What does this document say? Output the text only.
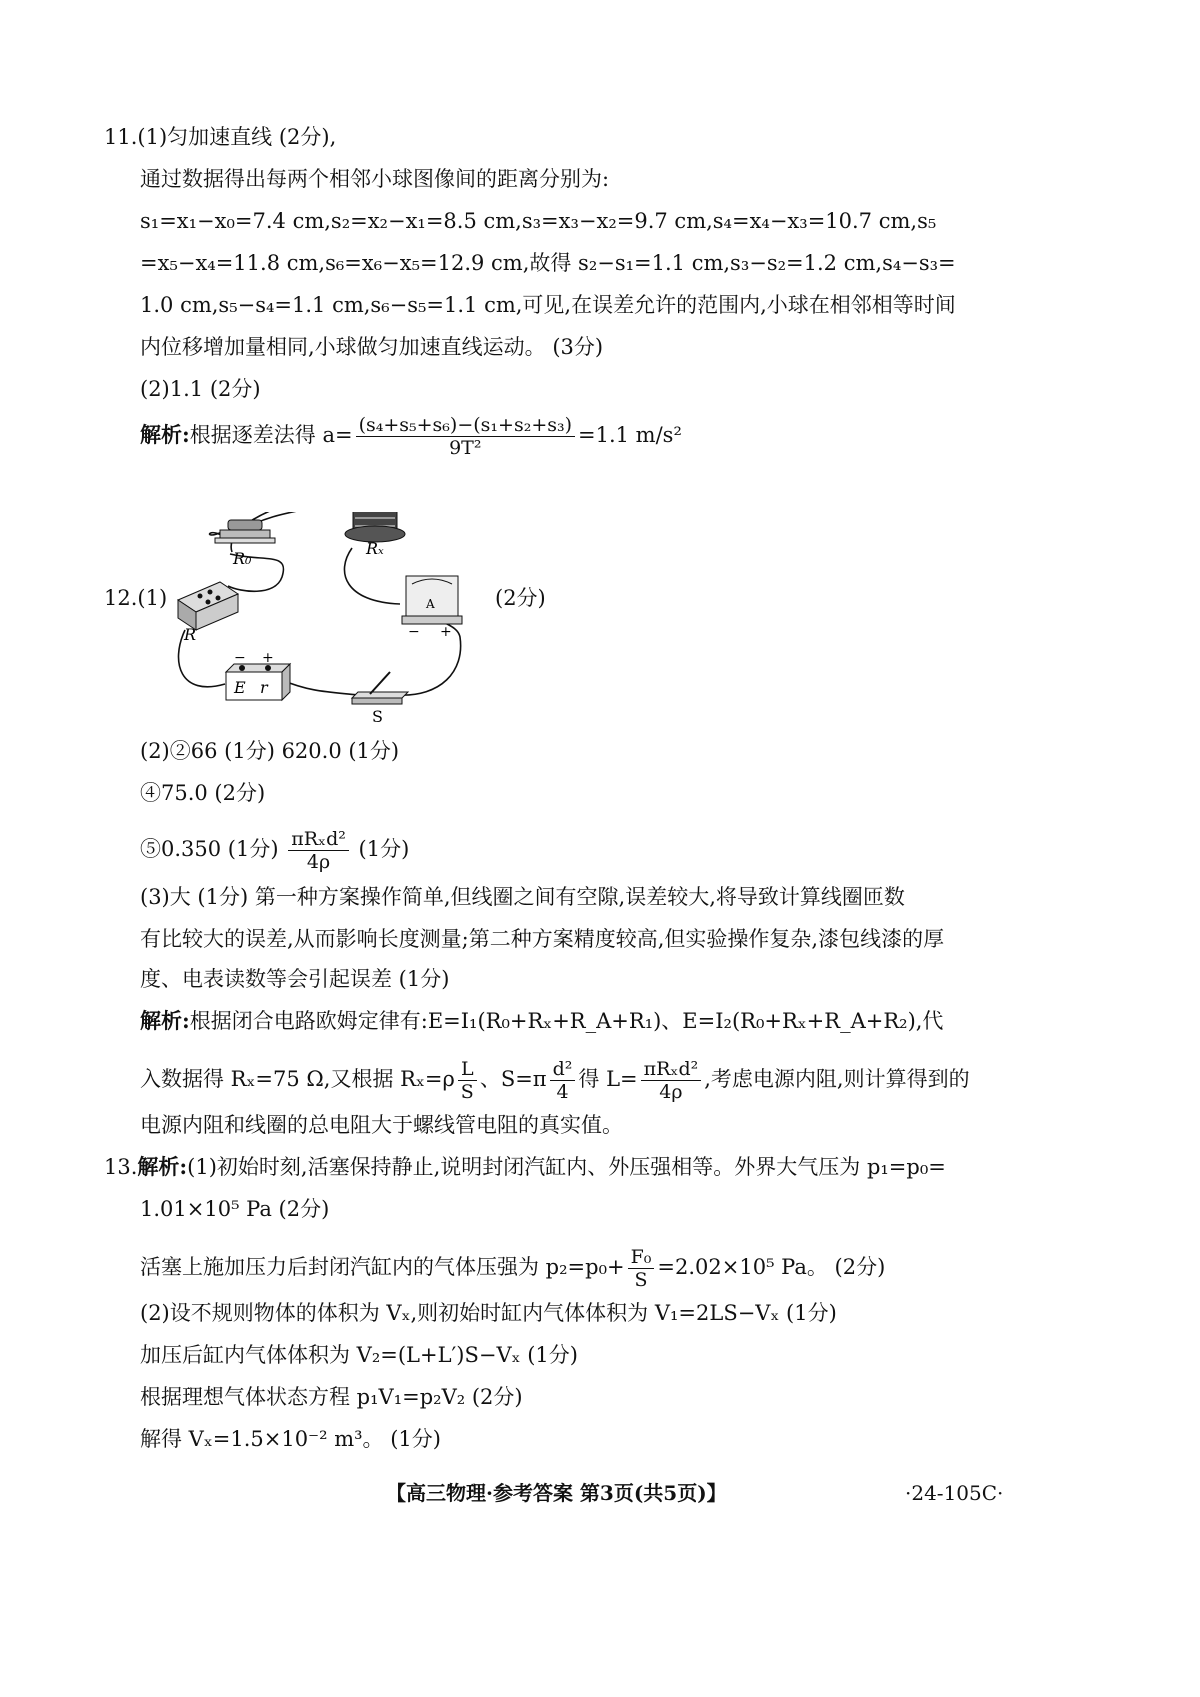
11.(1)匀加速直线 (2分),
通过数据得出每两个相邻小球图像间的距离分别为:
s₁=x₁−x₀=7.4 cm,s₂=x₂−x₁=8.5 cm,s₃=x₃−x₂=9.7 cm,s₄=x₄−x₃=10.7 cm,s₅
=x₅−x₄=11.8 cm,s₆=x₆−x₅=12.9 cm,故得 s₂−s₁=1.1 cm,s₃−s₂=1.2 cm,s₄−s₃=
1.0 cm,s₅−s₄=1.1 cm,s₆−s₅=1.1 cm,可见,在误差允许的范围内,小球在相邻相等时间
内位移增加量相同,小球做匀加速直线运动。 (3分)
(2)1.1 (2分)
解析:根据逐差法得 $a= \frac{\text{(s₄+s₅+s₆)−(s₁+s₂+s₃)}}{\text{9T²}} =1.1$ m/s²
12.(1)	(2分)
R₀
Rₓ
R
A
− +
− +
E r
S
(2)②66 (1分) 620.0 (1分)
④75.0 (2分)
⑤0.350 (1分) $\frac{\text{πRₓd²}}{4\rho} (1$分)
(3)大 (1分) 第一种方案操作简单,但线圈之间有空隙,误差较大,将导致计算线圈匝数
有比较大的误差,从而影响长度测量;第二种方案精度较高,但实验操作复杂,漆包线漆的厚
度、电表读数等会引起误差 (1分)
解析:根据闭合电路欧姆定律有:E=I₁(R₀+Rₓ+R_A+R₁)、E=I₂(R₀+Rₓ+R_A+R₂),代
入数据得 Rₓ=75 Ω,又根据 $R_x=\rho \frac{L}{S}$ 、$S=\pi \frac{\text{d²}}{4}$ 得 $L= \frac{\text{πRₓd²}}{4\rho}$ ,考虑电源内阻,则计算得到的
电源内阻和线圈的总电阻大于螺线管电阻的真实值。
13.解析:(1)初始时刻,活塞保持静止,说明封闭汽缸内、外压强相等。外界大气压为 p₁=p₀=
1.01×10⁵ Pa (2分)
活塞上施加压力后封闭汽缸内的气体压强为 $p_2=p_0+ \frac{\text{F₀}}{S} =2.02\times 10^5$ Pa。 (2分)
(2)设不规则物体的体积为 Vₓ,则初始时缸内气体体积为 V₁=2LS−Vₓ (1分)
加压后缸内气体体积为 V₂=(L+L′)S−Vₓ (1分)
根据理想气体状态方程 p₁V₁=p₂V₂ (2分)
解得 Vₓ=1.5×10⁻² m³。 (1分)
【高三物理·参考答案 第3页(共5页)】	·24-105C·
